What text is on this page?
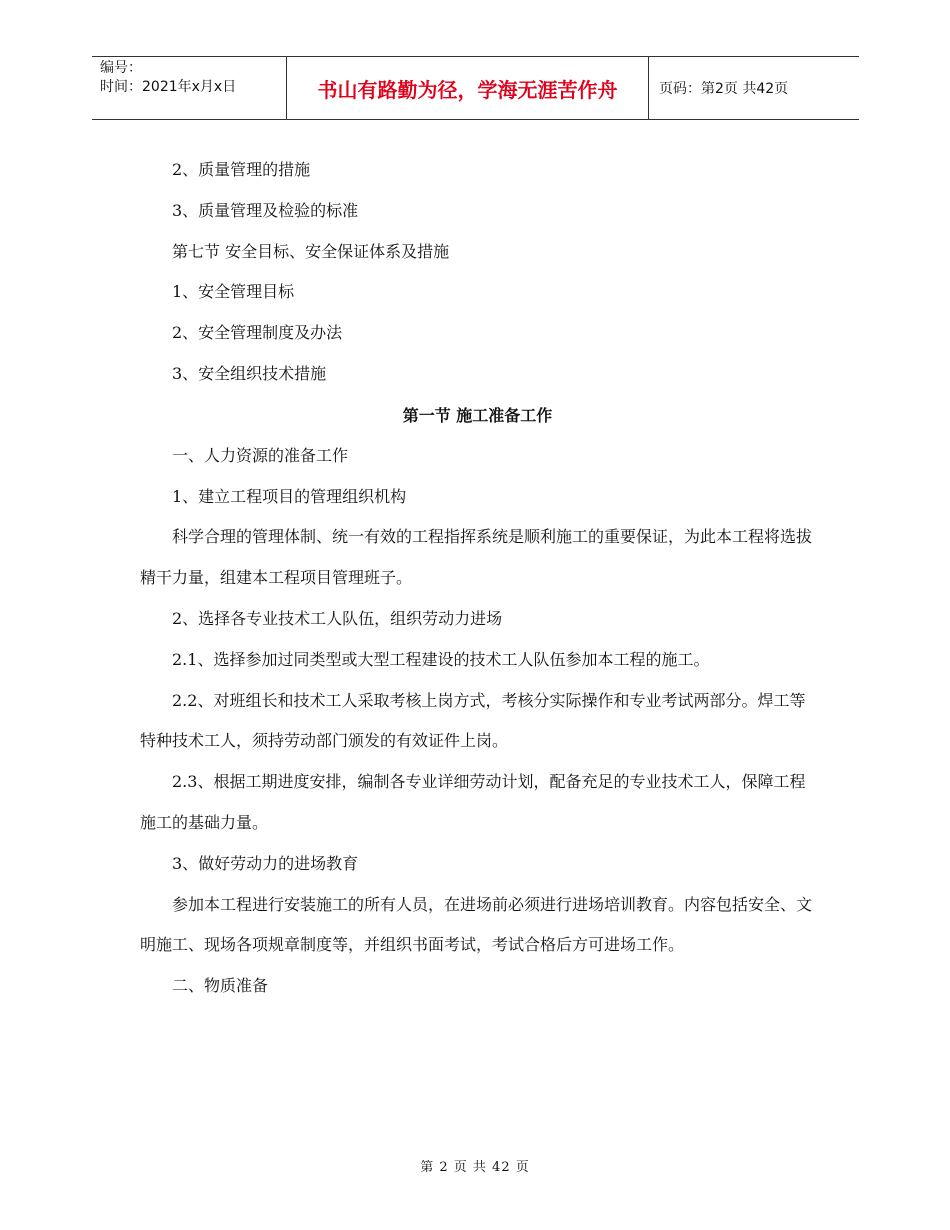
编号：
时间：2021年x月x日	书山有路勤为径，学海无涯苦作舟	页码：第2页 共42页

2、质量管理的措施

3、质量管理及检验的标准

第七节 安全目标、安全保证体系及措施

1、安全管理目标

2、安全管理制度及办法

3、安全组织技术措施

第一节 施工准备工作

一、人力资源的准备工作

1、建立工程项目的管理组织机构

科学合理的管理体制、统一有效的工程指挥系统是顺利施工的重要保证，为此本工程将选拔精干力量，组建本工程项目管理班子。

2、选择各专业技术工人队伍，组织劳动力进场

2.1、选择参加过同类型或大型工程建设的技术工人队伍参加本工程的施工。

2.2、对班组长和技术工人采取考核上岗方式，考核分实际操作和专业考试两部分。焊工等特种技术工人，须持劳动部门颁发的有效证件上岗。

2.3、根据工期进度安排，编制各专业详细劳动计划，配备充足的专业技术工人，保障工程施工的基础力量。

3、做好劳动力的进场教育

参加本工程进行安装施工的所有人员，在进场前必须进行进场培训教育。内容包括安全、文明施工、现场各项规章制度等，并组织书面考试，考试合格后方可进场工作。

二、物质准备

第 2 页 共 42 页
